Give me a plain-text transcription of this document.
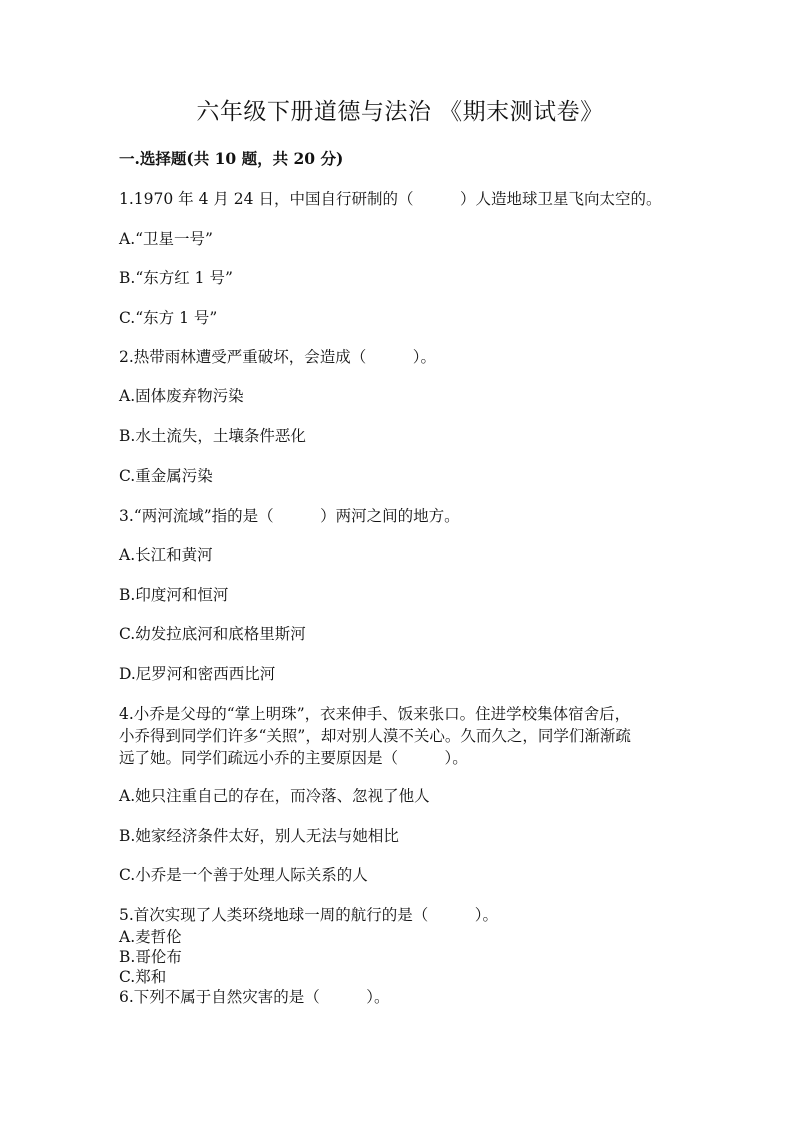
六年级下册道德与法治 《期末测试卷》
一.选择题(共 10 题，共 20 分)
1.1970 年 4 月 24 日，中国自行研制的（　　　）人造地球卫星飞向太空的。
A.“卫星一号”
B.“东方红 1 号”
C.“东方 1 号”
2.热带雨林遭受严重破坏，会造成（　　　）。
A.固体废弃物污染
B.水土流失，土壤条件恶化
C.重金属污染
3.“两河流域”指的是（　　　）两河之间的地方。
A.长江和黄河
B.印度河和恒河
C.幼发拉底河和底格里斯河
D.尼罗河和密西西比河
4.小乔是父母的“掌上明珠”，衣来伸手、饭来张口。住进学校集体宿舍后，
小乔得到同学们许多“关照”，却对别人漠不关心。久而久之，同学们渐渐疏
远了她。同学们疏远小乔的主要原因是（　　　）。
A.她只注重自己的存在，而冷落、忽视了他人
B.她家经济条件太好，别人无法与她相比
C.小乔是一个善于处理人际关系的人
5.首次实现了人类环绕地球一周的航行的是（　　　）。
A.麦哲伦
B.哥伦布
C.郑和
6.下列不属于自然灾害的是（　　　）。
